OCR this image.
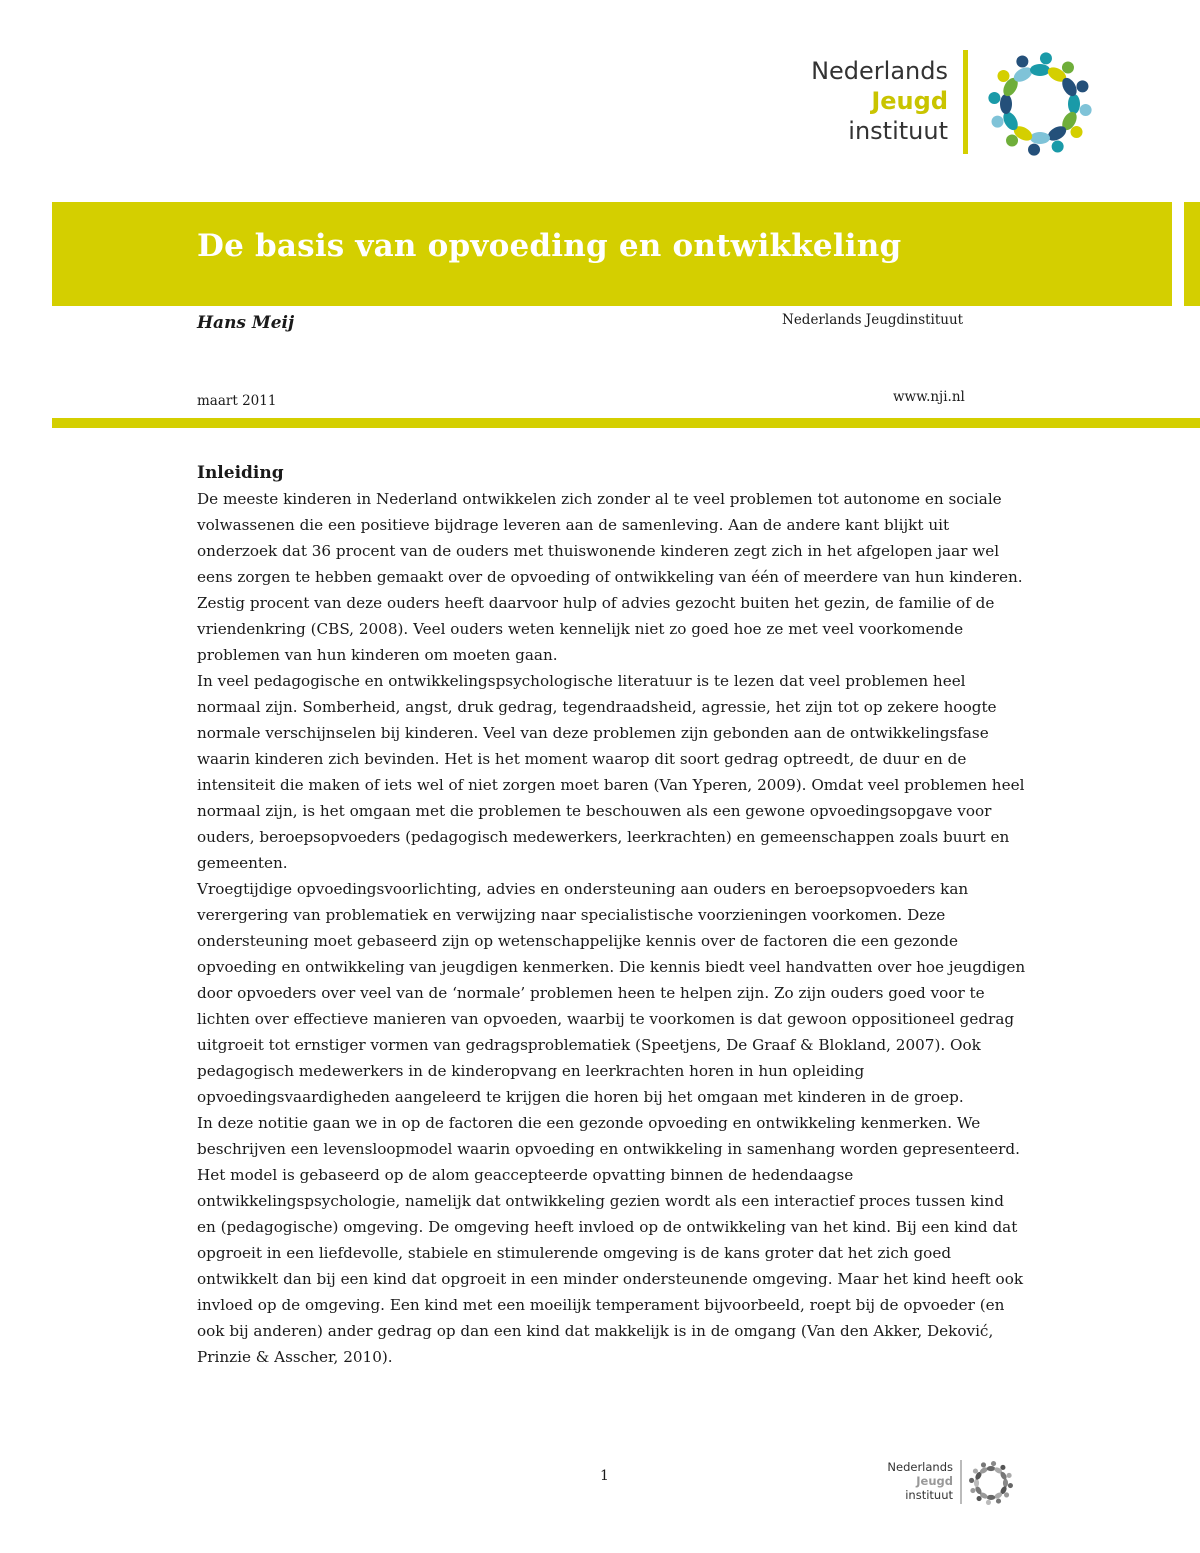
Nederlands
Jeugd
instituut
De basis van opvoeding en ontwikkeling
Hans Meij	Nederlands Jeugdinstituut
maart 2011	www.nji.nl
Inleiding

De meeste kinderen in Nederland ontwikkelen zich zonder al te veel problemen tot autonome en sociale volwassenen die een positieve bijdrage leveren aan de samenleving. Aan de andere kant blijkt uit onderzoek dat 36 procent van de ouders met thuiswonende kinderen zegt zich in het afgelopen jaar wel eens zorgen te hebben gemaakt over de opvoeding of ontwikkeling van één of meerdere van hun kinderen. Zestig procent van deze ouders heeft daarvoor hulp of advies gezocht buiten het gezin, de familie of de vriendenkring (CBS, 2008). Veel ouders weten kennelijk niet zo goed hoe ze met veel voorkomende problemen van hun kinderen om moeten gaan.

In veel pedagogische en ontwikkelingspsychologische literatuur is te lezen dat veel problemen heel normaal zijn. Somberheid, angst, druk gedrag, tegendraadsheid, agressie, het zijn tot op zekere hoogte normale verschijnselen bij kinderen. Veel van deze problemen zijn gebonden aan de ontwikkelingsfase waarin kinderen zich bevinden. Het is het moment waarop dit soort gedrag optreedt, de duur en de intensiteit die maken of iets wel of niet zorgen moet baren (Van Yperen, 2009). Omdat veel problemen heel normaal zijn, is het omgaan met die problemen te beschouwen als een gewone opvoedingsopgave voor ouders, beroepsopvoeders (pedagogisch medewerkers, leerkrachten) en gemeenschappen zoals buurt en gemeenten.

Vroegtijdige opvoedingsvoorlichting, advies en ondersteuning aan ouders en beroepsopvoeders kan verergering van problematiek en verwijzing naar specialistische voorzieningen voorkomen. Deze ondersteuning moet gebaseerd zijn op wetenschappelijke kennis over de factoren die een gezonde opvoeding en ontwikkeling van jeugdigen kenmerken. Die kennis biedt veel handvatten over hoe jeugdigen door opvoeders over veel van de ‘normale’ problemen heen te helpen zijn. Zo zijn ouders goed voor te lichten over effectieve manieren van opvoeden, waarbij te voorkomen is dat gewoon oppositioneel gedrag uitgroeit tot ernstiger vormen van gedragsproblematiek (Speetjens, De Graaf & Blokland, 2007). Ook pedagogisch medewerkers in de kinderopvang en leerkrachten horen in hun opleiding opvoedingsvaardigheden aangeleerd te krijgen die horen bij het omgaan met kinderen in de groep.

In deze notitie gaan we in op de factoren die een gezonde opvoeding en ontwikkeling kenmerken. We beschrijven een levensloopmodel waarin opvoeding en ontwikkeling in samenhang worden gepresenteerd. Het model is gebaseerd op de alom geaccepteerde opvatting binnen de hedendaagse ontwikkelingspsychologie, namelijk dat ontwikkeling gezien wordt als een interactief proces tussen kind en (pedagogische) omgeving. De omgeving heeft invloed op de ontwikkeling van het kind. Bij een kind dat opgroeit in een liefdevolle, stabiele en stimulerende omgeving is de kans groter dat het zich goed ontwikkelt dan bij een kind dat opgroeit in een minder ondersteunende omgeving. Maar het kind heeft ook invloed op de omgeving. Een kind met een moeilijk temperament bijvoorbeeld, roept bij de opvoeder (en ook bij anderen) ander gedrag op dan een kind dat makkelijk is in de omgang (Van den Akker, Deković, Prinzie & Asscher, 2010).

1
Nederlands
Jeugd
instituut
